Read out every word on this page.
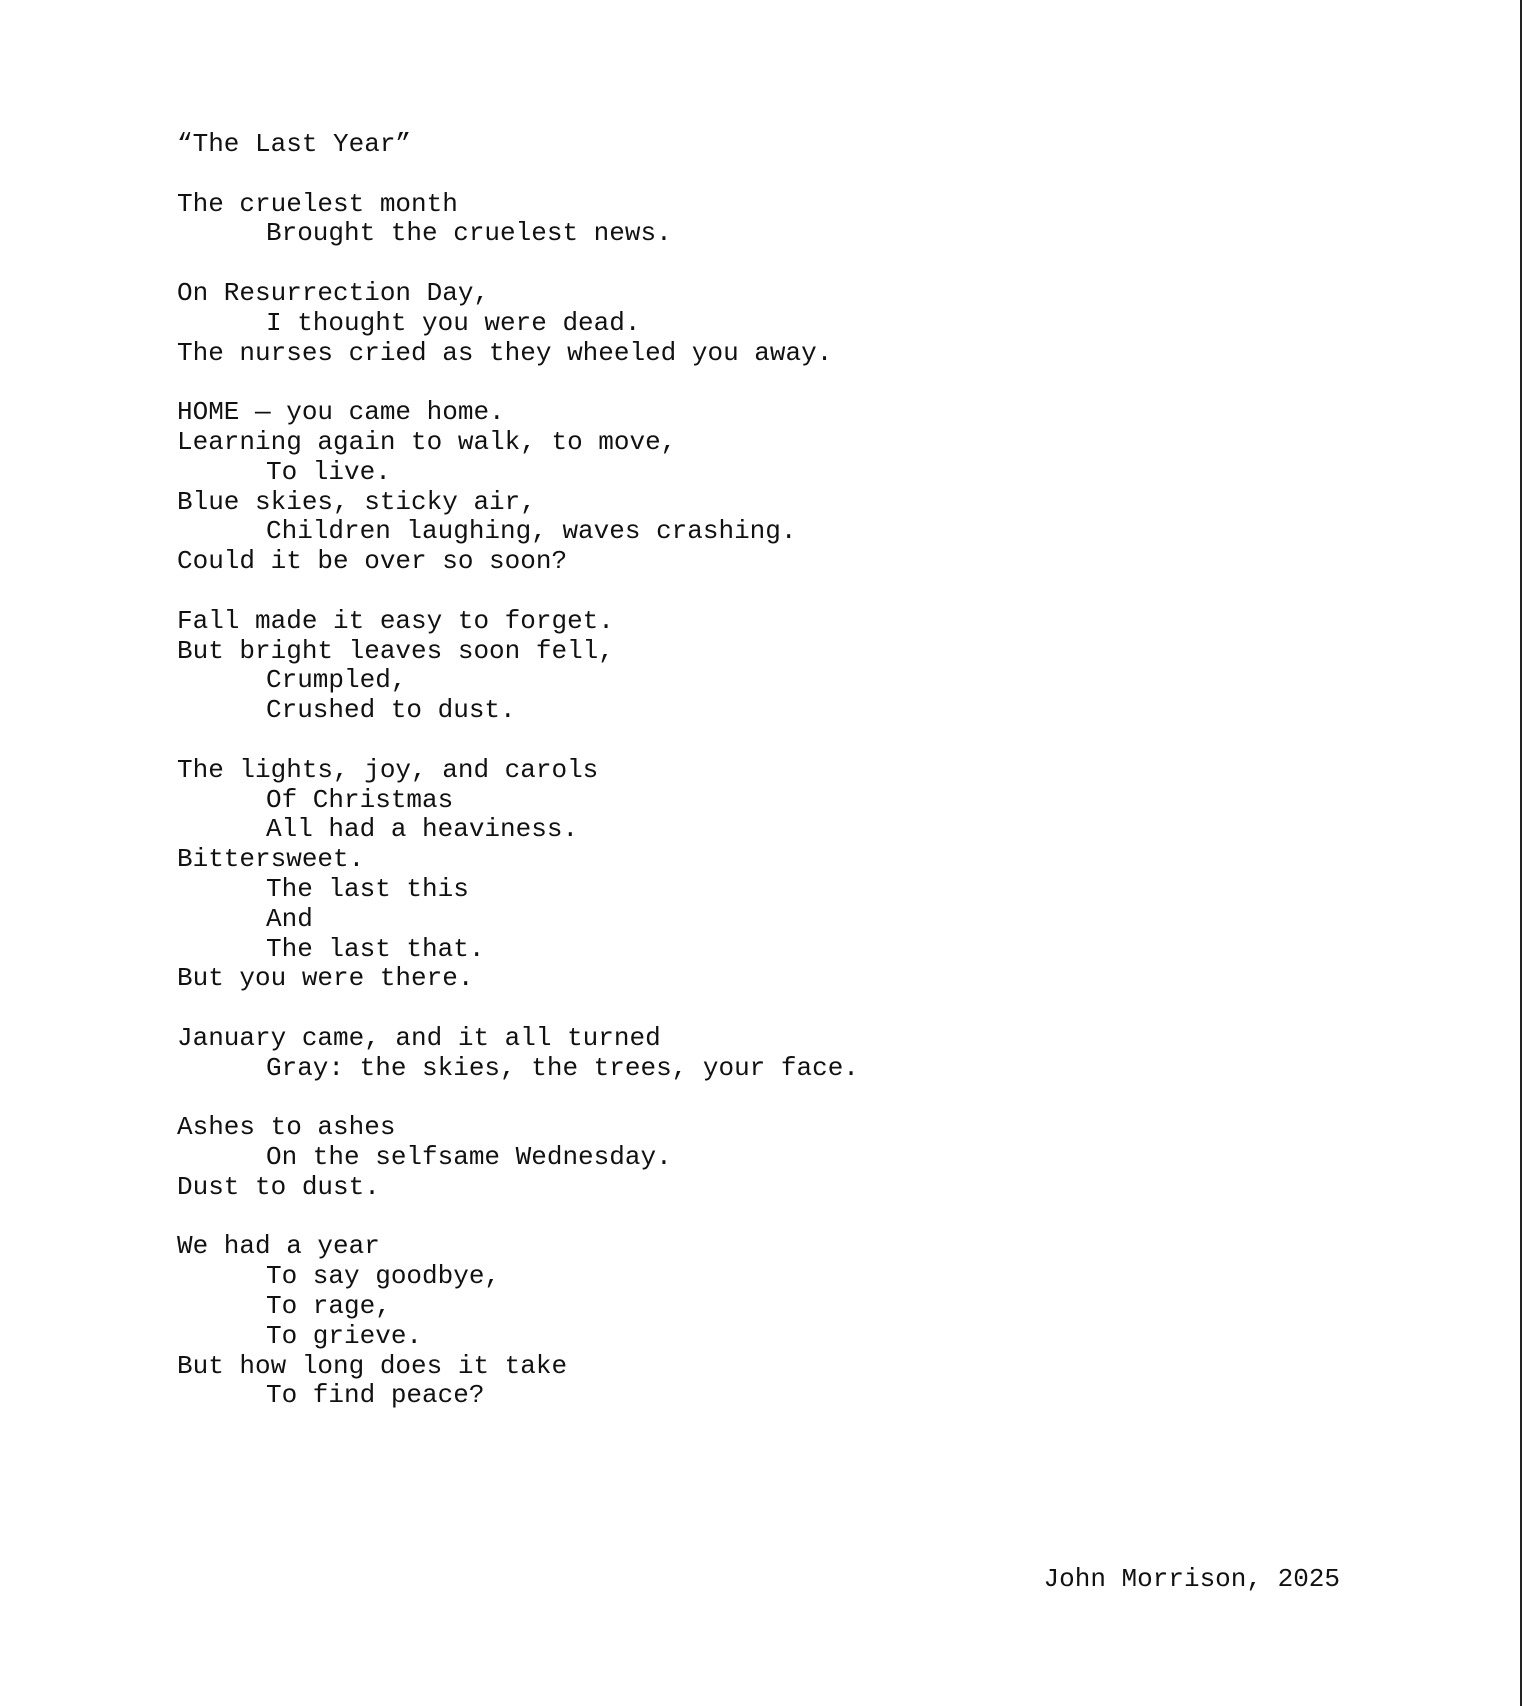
“The Last Year”
The cruelest month
Brought the cruelest news.
On Resurrection Day,
I thought you were dead.
The nurses cried as they wheeled you away.
HOME — you came home.
Learning again to walk, to move,
To live.
Blue skies, sticky air,
Children laughing, waves crashing.
Could it be over so soon?
Fall made it easy to forget.
But bright leaves soon fell,
Crumpled,
Crushed to dust.
The lights, joy, and carols
Of Christmas
All had a heaviness.
Bittersweet.
The last this
And
The last that.
But you were there.
January came, and it all turned
Gray: the skies, the trees, your face.
Ashes to ashes
On the selfsame Wednesday.
Dust to dust.
We had a year
To say goodbye,
To rage,
To grieve.
But how long does it take
To find peace?
John Morrison, 2025
